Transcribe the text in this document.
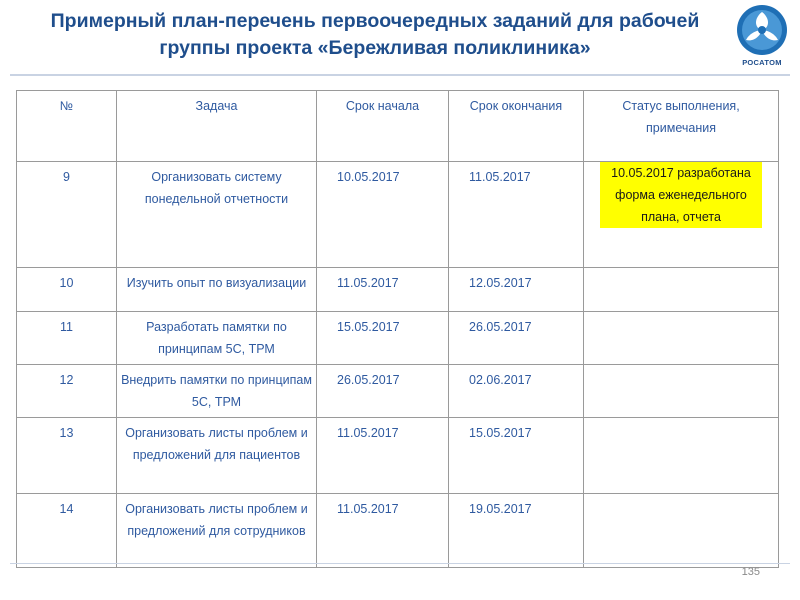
Примерный план-перечень первоочередных заданий для рабочей группы проекта «Бережливая поликлиника»
РОСАТОМ
№	Задача	Срок начала	Срок окончания	Статус выполнения, примечания
9	Организовать систему понедельной отчетности	10.05.2017	11.05.2017	10.05.2017 разработана форма еженедельного плана, отчета

10	Изучить опыт по визуализации	11.05.2017	12.05.2017	
11	Разработать памятки по принципам 5С, ТРМ	15.05.2017	26.05.2017	
12	Внедрить памятки по принципам 5С, ТРМ	26.05.2017	02.06.2017	
13	Организовать листы проблем и предложений для пациентов	11.05.2017	15.05.2017	
14	Организовать листы проблем и предложений для сотрудников	11.05.2017	19.05.2017	
135
